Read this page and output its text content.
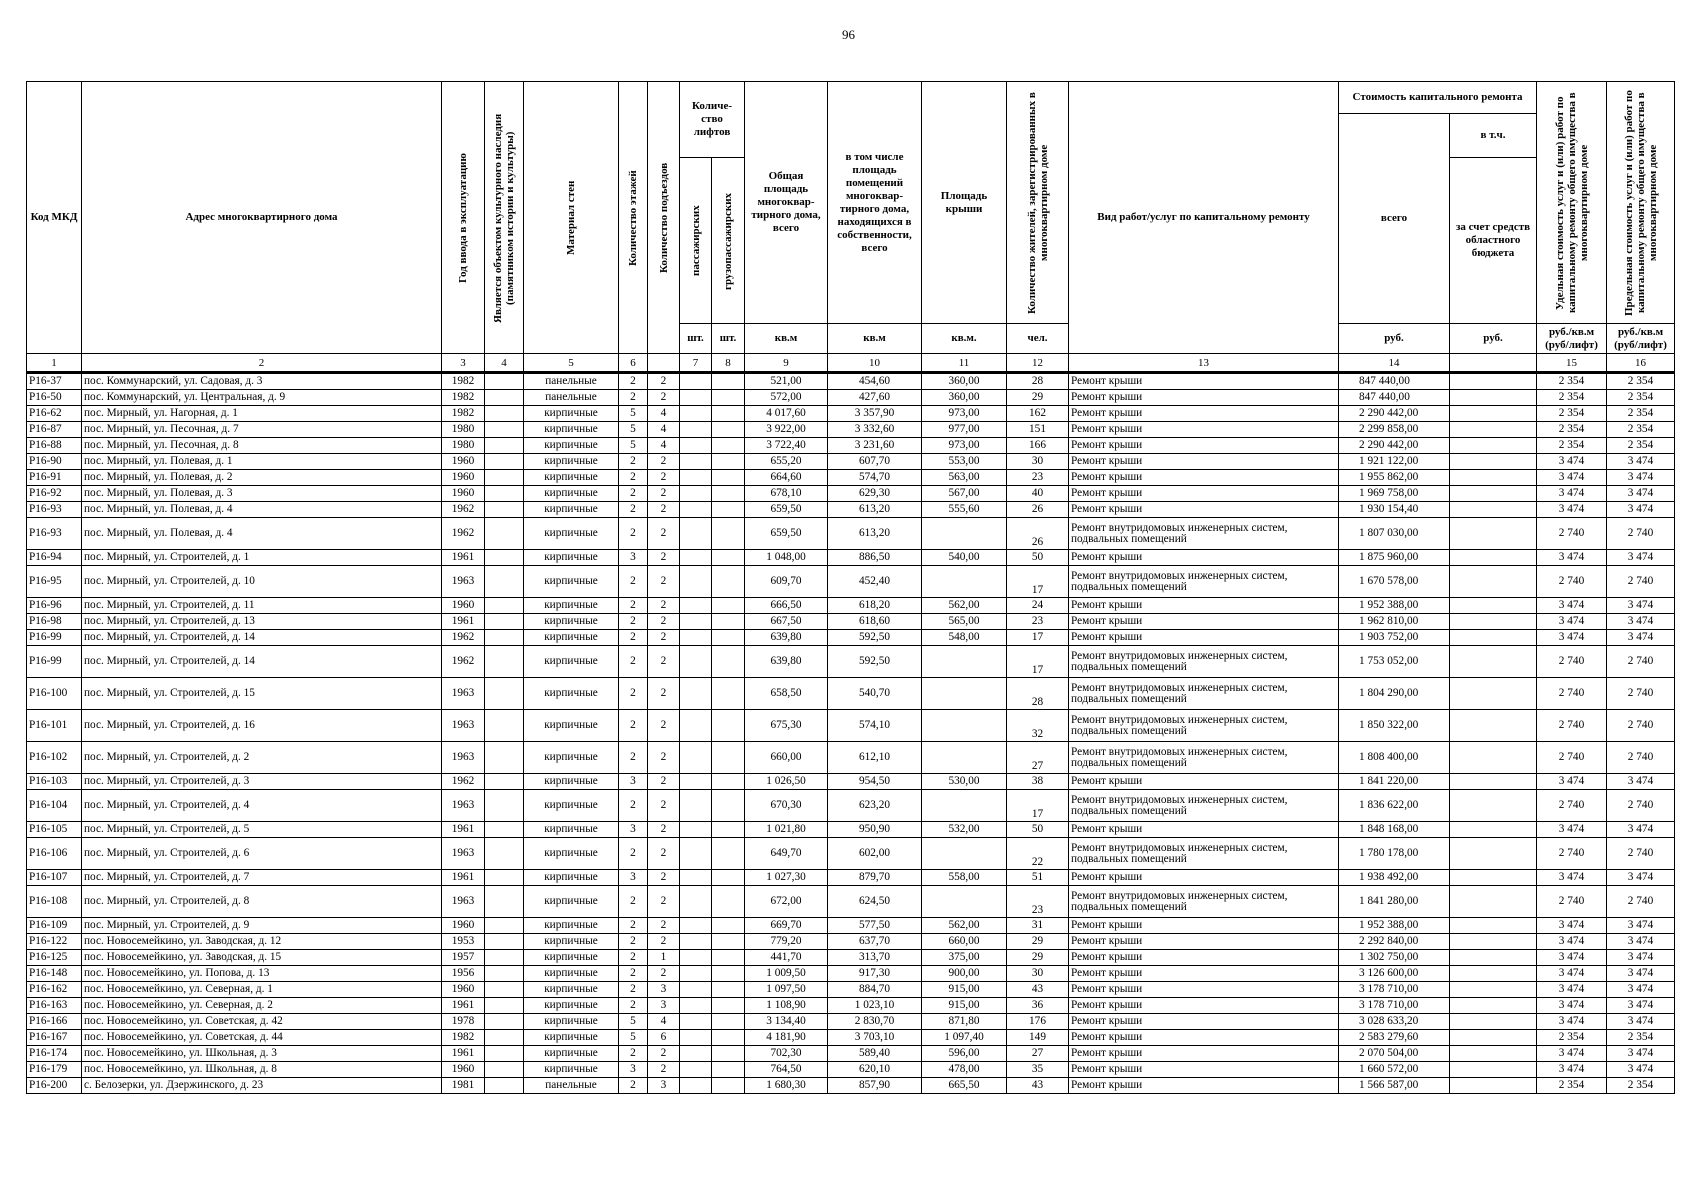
96
Код МКД	Адрес многоквартирного дома	Год ввода в эксплуатацию	Является объектом культурного наследия (памятником истории и культуры)	Материал стен	Количество этажей	Количество подъездов	Количе-ство лифтов		Общая площадь многоквар-тирного дома, всего	в том числе площадь помещений многоквар-тирного дома, находящихся в собственности, всего	Площадь крыши	Количество жителей, зарегистрированных в многоквартирном доме	Вид работ/услуг по капитальному ремонту	Стоимость капитального ремонта		Удельная стоимость услуг и (или) работ по капитальному ремонту общего имущества в многоквартирном доме	Предельная стоимость услуг и (или) работ по капитальному ремонту общего имущества в многоквартирном доме

														всего	в т.ч.		

							пассажирских	грузопассажирских							за счет средств областного бюджета		
							шт.	шт.	кв.м	кв.м	кв.м.	чел.		руб.	руб.	руб./кв.м (руб/лифт)	руб./кв.м (руб/лифт)
1	2	3	4	5	6		7	8	9	10	11	12	13	14		15	16
Р16-37	пос. Коммунарский, ул. Садовая, д. 3	1982		панельные	2	2			521,00	454,60	360,00	28	Ремонт крыши	847 440,00		2 354	2 354
Р16-50	пос. Коммунарский, ул. Центральная, д. 9	1982		панельные	2	2			572,00	427,60	360,00	29	Ремонт крыши	847 440,00		2 354	2 354
Р16-62	пос. Мирный, ул. Нагорная, д. 1	1982		кирпичные	5	4			4 017,60	3 357,90	973,00	162	Ремонт крыши	2 290 442,00		2 354	2 354
Р16-87	пос. Мирный, ул. Песочная, д. 7	1980		кирпичные	5	4			3 922,00	3 332,60	977,00	151	Ремонт крыши	2 299 858,00		2 354	2 354
Р16-88	пос. Мирный, ул. Песочная, д. 8	1980		кирпичные	5	4			3 722,40	3 231,60	973,00	166	Ремонт крыши	2 290 442,00		2 354	2 354
Р16-90	пос. Мирный, ул. Полевая, д. 1	1960		кирпичные	2	2			655,20	607,70	553,00	30	Ремонт крыши	1 921 122,00		3 474	3 474
Р16-91	пос. Мирный, ул. Полевая, д. 2	1960		кирпичные	2	2			664,60	574,70	563,00	23	Ремонт крыши	1 955 862,00		3 474	3 474
Р16-92	пос. Мирный, ул. Полевая, д. 3	1960		кирпичные	2	2			678,10	629,30	567,00	40	Ремонт крыши	1 969 758,00		3 474	3 474
Р16-93	пос. Мирный, ул. Полевая, д. 4	1962		кирпичные	2	2			659,50	613,20	555,60	26	Ремонт крыши	1 930 154,40		3 474	3 474
Р16-93	пос. Мирный, ул. Полевая, д. 4	1962		кирпичные	2	2			659,50	613,20		26	Ремонт внутридомовых инженерных систем, подвальных помещений	1 807 030,00		2 740	2 740
Р16-94	пос. Мирный, ул. Строителей, д. 1	1961		кирпичные	3	2			1 048,00	886,50	540,00	50	Ремонт крыши	1 875 960,00		3 474	3 474
Р16-95	пос. Мирный, ул. Строителей, д. 10	1963		кирпичные	2	2			609,70	452,40		17	Ремонт внутридомовых инженерных систем, подвальных помещений	1 670 578,00		2 740	2 740
Р16-96	пос. Мирный, ул. Строителей, д. 11	1960		кирпичные	2	2			666,50	618,20	562,00	24	Ремонт крыши	1 952 388,00		3 474	3 474
Р16-98	пос. Мирный, ул. Строителей, д. 13	1961		кирпичные	2	2			667,50	618,60	565,00	23	Ремонт крыши	1 962 810,00		3 474	3 474
Р16-99	пос. Мирный, ул. Строителей, д. 14	1962		кирпичные	2	2			639,80	592,50	548,00	17	Ремонт крыши	1 903 752,00		3 474	3 474
Р16-99	пос. Мирный, ул. Строителей, д. 14	1962		кирпичные	2	2			639,80	592,50		17	Ремонт внутридомовых инженерных систем, подвальных помещений	1 753 052,00		2 740	2 740
Р16-100	пос. Мирный, ул. Строителей, д. 15	1963		кирпичные	2	2			658,50	540,70		28	Ремонт внутридомовых инженерных систем, подвальных помещений	1 804 290,00		2 740	2 740
Р16-101	пос. Мирный, ул. Строителей, д. 16	1963		кирпичные	2	2			675,30	574,10		32	Ремонт внутридомовых инженерных систем, подвальных помещений	1 850 322,00		2 740	2 740
Р16-102	пос. Мирный, ул. Строителей, д. 2	1963		кирпичные	2	2			660,00	612,10		27	Ремонт внутридомовых инженерных систем, подвальных помещений	1 808 400,00		2 740	2 740
Р16-103	пос. Мирный, ул. Строителей, д. 3	1962		кирпичные	3	2			1 026,50	954,50	530,00	38	Ремонт крыши	1 841 220,00		3 474	3 474
Р16-104	пос. Мирный, ул. Строителей, д. 4	1963		кирпичные	2	2			670,30	623,20		17	Ремонт внутридомовых инженерных систем, подвальных помещений	1 836 622,00		2 740	2 740
Р16-105	пос. Мирный, ул. Строителей, д. 5	1961		кирпичные	3	2			1 021,80	950,90	532,00	50	Ремонт крыши	1 848 168,00		3 474	3 474
Р16-106	пос. Мирный, ул. Строителей, д. 6	1963		кирпичные	2	2			649,70	602,00		22	Ремонт внутридомовых инженерных систем, подвальных помещений	1 780 178,00		2 740	2 740
Р16-107	пос. Мирный, ул. Строителей, д. 7	1961		кирпичные	3	2			1 027,30	879,70	558,00	51	Ремонт крыши	1 938 492,00		3 474	3 474
Р16-108	пос. Мирный, ул. Строителей, д. 8	1963		кирпичные	2	2			672,00	624,50		23	Ремонт внутридомовых инженерных систем, подвальных помещений	1 841 280,00		2 740	2 740
Р16-109	пос. Мирный, ул. Строителей, д. 9	1960		кирпичные	2	2			669,70	577,50	562,00	31	Ремонт крыши	1 952 388,00		3 474	3 474
Р16-122	пос. Новосемейкино, ул. Заводская, д. 12	1953		кирпичные	2	2			779,20	637,70	660,00	29	Ремонт крыши	2 292 840,00		3 474	3 474
Р16-125	пос. Новосемейкино, ул. Заводская, д. 15	1957		кирпичные	2	1			441,70	313,70	375,00	29	Ремонт крыши	1 302 750,00		3 474	3 474
Р16-148	пос. Новосемейкино, ул. Попова, д. 13	1956		кирпичные	2	2			1 009,50	917,30	900,00	30	Ремонт крыши	3 126 600,00		3 474	3 474
Р16-162	пос. Новосемейкино, ул. Северная, д. 1	1960		кирпичные	2	3			1 097,50	884,70	915,00	43	Ремонт крыши	3 178 710,00		3 474	3 474
Р16-163	пос. Новосемейкино, ул. Северная, д. 2	1961		кирпичные	2	3			1 108,90	1 023,10	915,00	36	Ремонт крыши	3 178 710,00		3 474	3 474
Р16-166	пос. Новосемейкино, ул. Советская, д. 42	1978		кирпичные	5	4			3 134,40	2 830,70	871,80	176	Ремонт крыши	3 028 633,20		3 474	3 474
Р16-167	пос. Новосемейкино, ул. Советская, д. 44	1982		кирпичные	5	6			4 181,90	3 703,10	1 097,40	149	Ремонт крыши	2 583 279,60		2 354	2 354
Р16-174	пос. Новосемейкино, ул. Школьная, д. 3	1961		кирпичные	2	2			702,30	589,40	596,00	27	Ремонт крыши	2 070 504,00		3 474	3 474
Р16-179	пос. Новосемейкино, ул. Школьная, д. 8	1960		кирпичные	3	2			764,50	620,10	478,00	35	Ремонт крыши	1 660 572,00		3 474	3 474
Р16-200	с. Белозерки, ул. Дзержинского, д. 23	1981		панельные	2	3			1 680,30	857,90	665,50	43	Ремонт крыши	1 566 587,00		2 354	2 354
